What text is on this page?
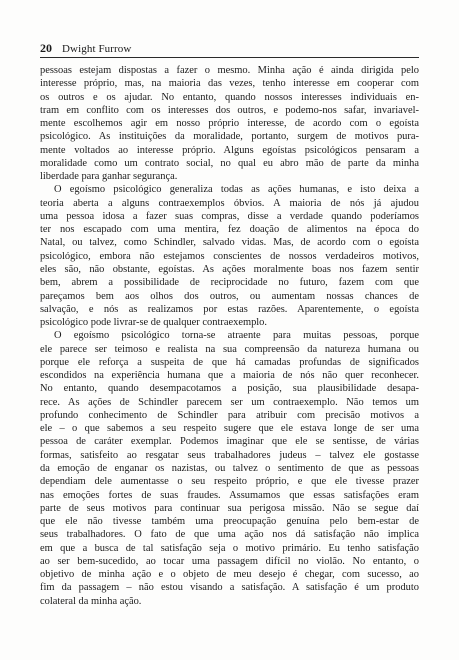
20 Dwight Furrow
pessoas estejam dispostas a fazer o mesmo. Minha ação é ainda dirigida pelo
interesse próprio, mas, na maioria das vezes, tenho interesse em cooperar com
os outros e os ajudar. No entanto, quando nossos interesses individuais en-
tram em conflito com os interesses dos outros, e podemo-nos safar, invariavel-
mente escolhemos agir em nosso próprio interesse, de acordo com o egoísta
psicológico. As instituições da moralidade, portanto, surgem de motivos pura-
mente voltados ao interesse próprio. Alguns egoístas psicológicos pensaram a
moralidade como um contrato social, no qual eu abro mão de parte da minha
liberdade para ganhar segurança.
O egoísmo psicológico generaliza todas as ações humanas, e isto deixa a
teoria aberta a alguns contraexemplos óbvios. A maioria de nós já ajudou
uma pessoa idosa a fazer suas compras, disse a verdade quando poderíamos
ter nos escapado com uma mentira, fez doação de alimentos na época do
Natal, ou talvez, como Schindler, salvado vidas. Mas, de acordo com o egoísta
psicológico, embora não estejamos conscientes de nossos verdadeiros motivos,
eles são, não obstante, egoístas. As ações moralmente boas nos fazem sentir
bem, abrem a possibilidade de reciprocidade no futuro, fazem com que
pareçamos bem aos olhos dos outros, ou aumentam nossas chances de
salvação, e nós as realizamos por estas razões. Aparentemente, o egoísta
psicológico pode livrar-se de qualquer contraexemplo.
O egoísmo psicológico torna-se atraente para muitas pessoas, porque
ele parece ser teimoso e realista na sua compreensão da natureza humana ou
porque ele reforça a suspeita de que há camadas profundas de significados
escondidos na experiência humana que a maioria de nós não quer reconhecer.
No entanto, quando desempacotamos a posição, sua plausibilidade desapa-
rece. As ações de Schindler parecem ser um contraexemplo. Não temos um
profundo conhecimento de Schindler para atribuir com precisão motivos a
ele – o que sabemos a seu respeito sugere que ele estava longe de ser uma
pessoa de caráter exemplar. Podemos imaginar que ele se sentisse, de várias
formas, satisfeito ao resgatar seus trabalhadores judeus – talvez ele gostasse
da emoção de enganar os nazistas, ou talvez o sentimento de que as pessoas
dependiam dele aumentasse o seu respeito próprio, e que ele tivesse prazer
nas emoções fortes de suas fraudes. Assumamos que essas satisfações eram
parte de seus motivos para continuar sua perigosa missão. Não se segue daí
que ele não tivesse também uma preocupação genuína pelo bem-estar de
seus trabalhadores. O fato de que uma ação nos dá satisfação não implica
em que a busca de tal satisfação seja o motivo primário. Eu tenho satisfação
ao ser bem-sucedido, ao tocar uma passagem difícil no violão. No entanto, o
objetivo de minha ação e o objeto de meu desejo é chegar, com sucesso, ao
fim da passagem – não estou visando a satisfação. A satisfação é um produto
colateral da minha ação.
